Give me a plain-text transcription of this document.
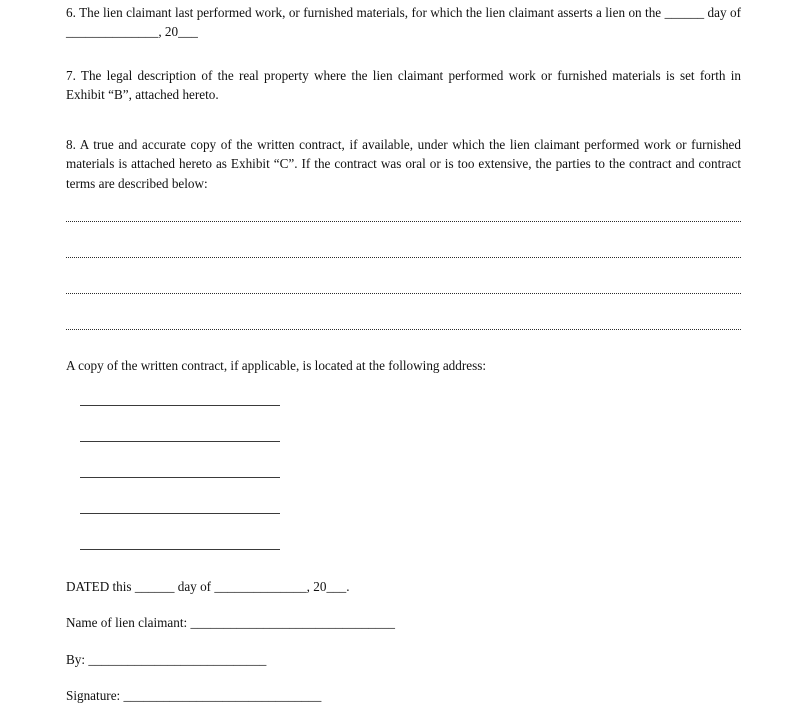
6. The lien claimant last performed work, or furnished materials, for which the lien claimant asserts a lien on the ______ day of ______________, 20___
7. The legal description of the real property where the lien claimant performed work or furnished materials is set forth in Exhibit “B”, attached hereto.
8. A true and accurate copy of the written contract, if available, under which the lien claimant performed work or furnished materials is attached hereto as Exhibit “C”. If the contract was oral or is too extensive, the parties to the contract and contract terms are described below:
A copy of the written contract, if applicable, is located at the following address:
DATED this ______ day of ______________, 20___.
Name of lien claimant: _______________________________
By: ___________________________
Signature: ______________________________
